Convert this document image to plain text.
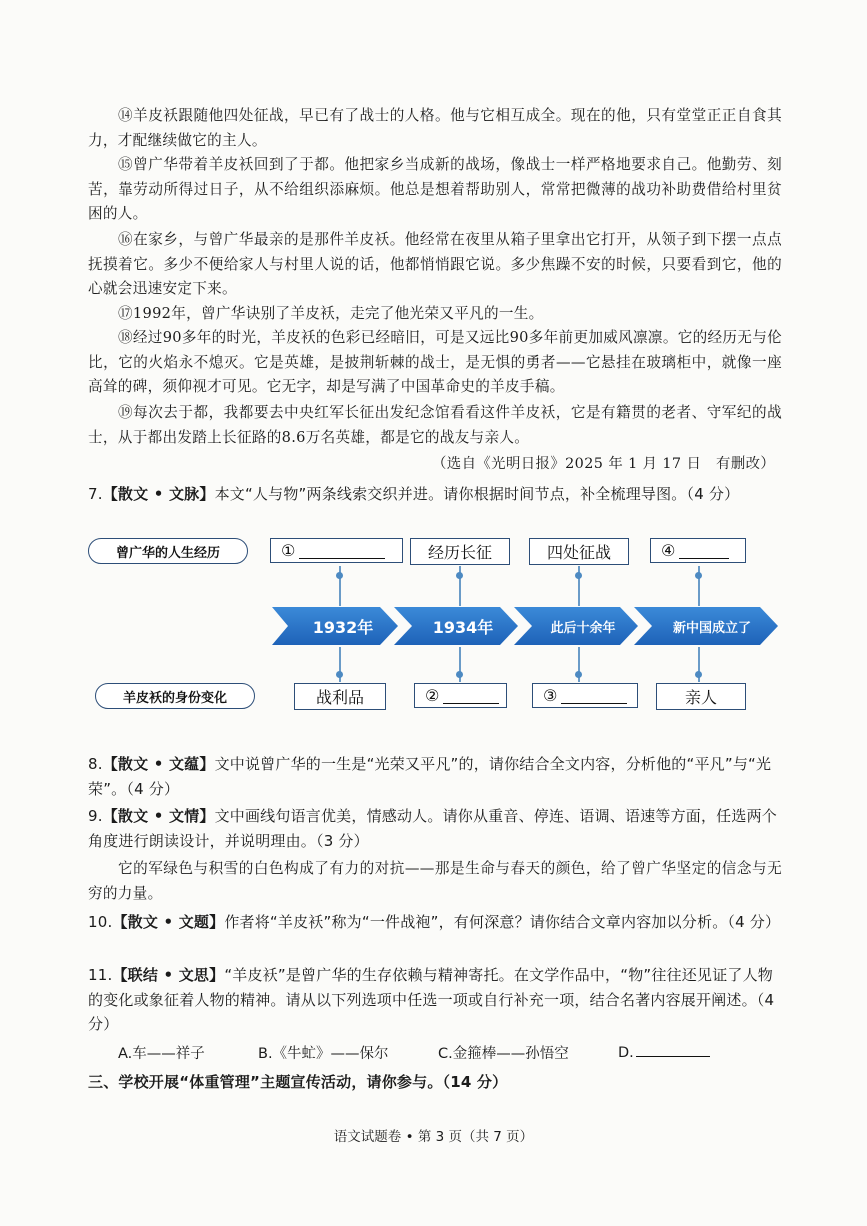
⑭羊皮袄跟随他四处征战，早已有了战士的人格。他与它相互成全。现在的他，只有堂堂正正自食其力，才配继续做它的主人。
⑮曾广华带着羊皮袄回到了于都。他把家乡当成新的战场，像战士一样严格地要求自己。他勤劳、刻苦，靠劳动所得过日子，从不给组织添麻烦。他总是想着帮助别人，常常把微薄的战功补助费借给村里贫困的人。
⑯在家乡，与曾广华最亲的是那件羊皮袄。他经常在夜里从箱子里拿出它打开，从领子到下摆一点点抚摸着它。多少不便给家人与村里人说的话，他都悄悄跟它说。多少焦躁不安的时候，只要看到它，他的心就会迅速安定下来。
⑰1992年，曾广华诀别了羊皮袄，走完了他光荣又平凡的一生。
⑱经过90多年的时光，羊皮袄的色彩已经暗旧，可是又远比90多年前更加威风凛凛。它的经历无与伦比，它的火焰永不熄灭。它是英雄，是披荆斩棘的战士，是无惧的勇者——它悬挂在玻璃柜中，就像一座高耸的碑，须仰视才可见。它无字，却是写满了中国革命史的羊皮手稿。
⑲每次去于都，我都要去中央红军长征出发纪念馆看看这件羊皮袄，它是有籍贯的老者、守军纪的战士，从于都出发踏上长征路的8.6万名英雄，都是它的战友与亲人。
（选自《光明日报》2025 年 1 月 17 日　有删改）
7.【散文 • 文脉】本文“人与物”两条线索交织并进。请你根据时间节点，补全梳理导图。（4 分）
曾广华的人生经历
羊皮袄的身份变化
①	经历长征	四处征战	④
1932年	1934年	此后十余年	新中国成立了
战利品	②	③	亲人
8.【散文 • 文蕴】文中说曾广华的一生是“光荣又平凡”的，请你结合全文内容，分析他的“平凡”与“光荣”。（4 分）
9.【散文 • 文情】文中画线句语言优美，情感动人。请你从重音、停连、语调、语速等方面，任选两个角度进行朗读设计，并说明理由。（3 分）
它的军绿色与积雪的白色构成了有力的对抗——那是生命与春天的颜色，给了曾广华坚定的信念与无穷的力量。
10.【散文 • 文题】作者将“羊皮袄”称为“一件战袍”，有何深意？请你结合文章内容加以分析。（4 分）
11.【联结 • 文思】“羊皮袄”是曾广华的生存依赖与精神寄托。在文学作品中，“物”往往还见证了人物的变化或象征着人物的精神。请从以下列选项中任选一项或自行补充一项，结合名著内容展开阐述。（4 分）
A.车——祥子	B.《牛虻》——保尔	C.金箍棒——孙悟空	D.
三、学校开展“体重管理”主题宣传活动，请你参与。（14 分）
语文试题卷 • 第 3 页（共 7 页）
